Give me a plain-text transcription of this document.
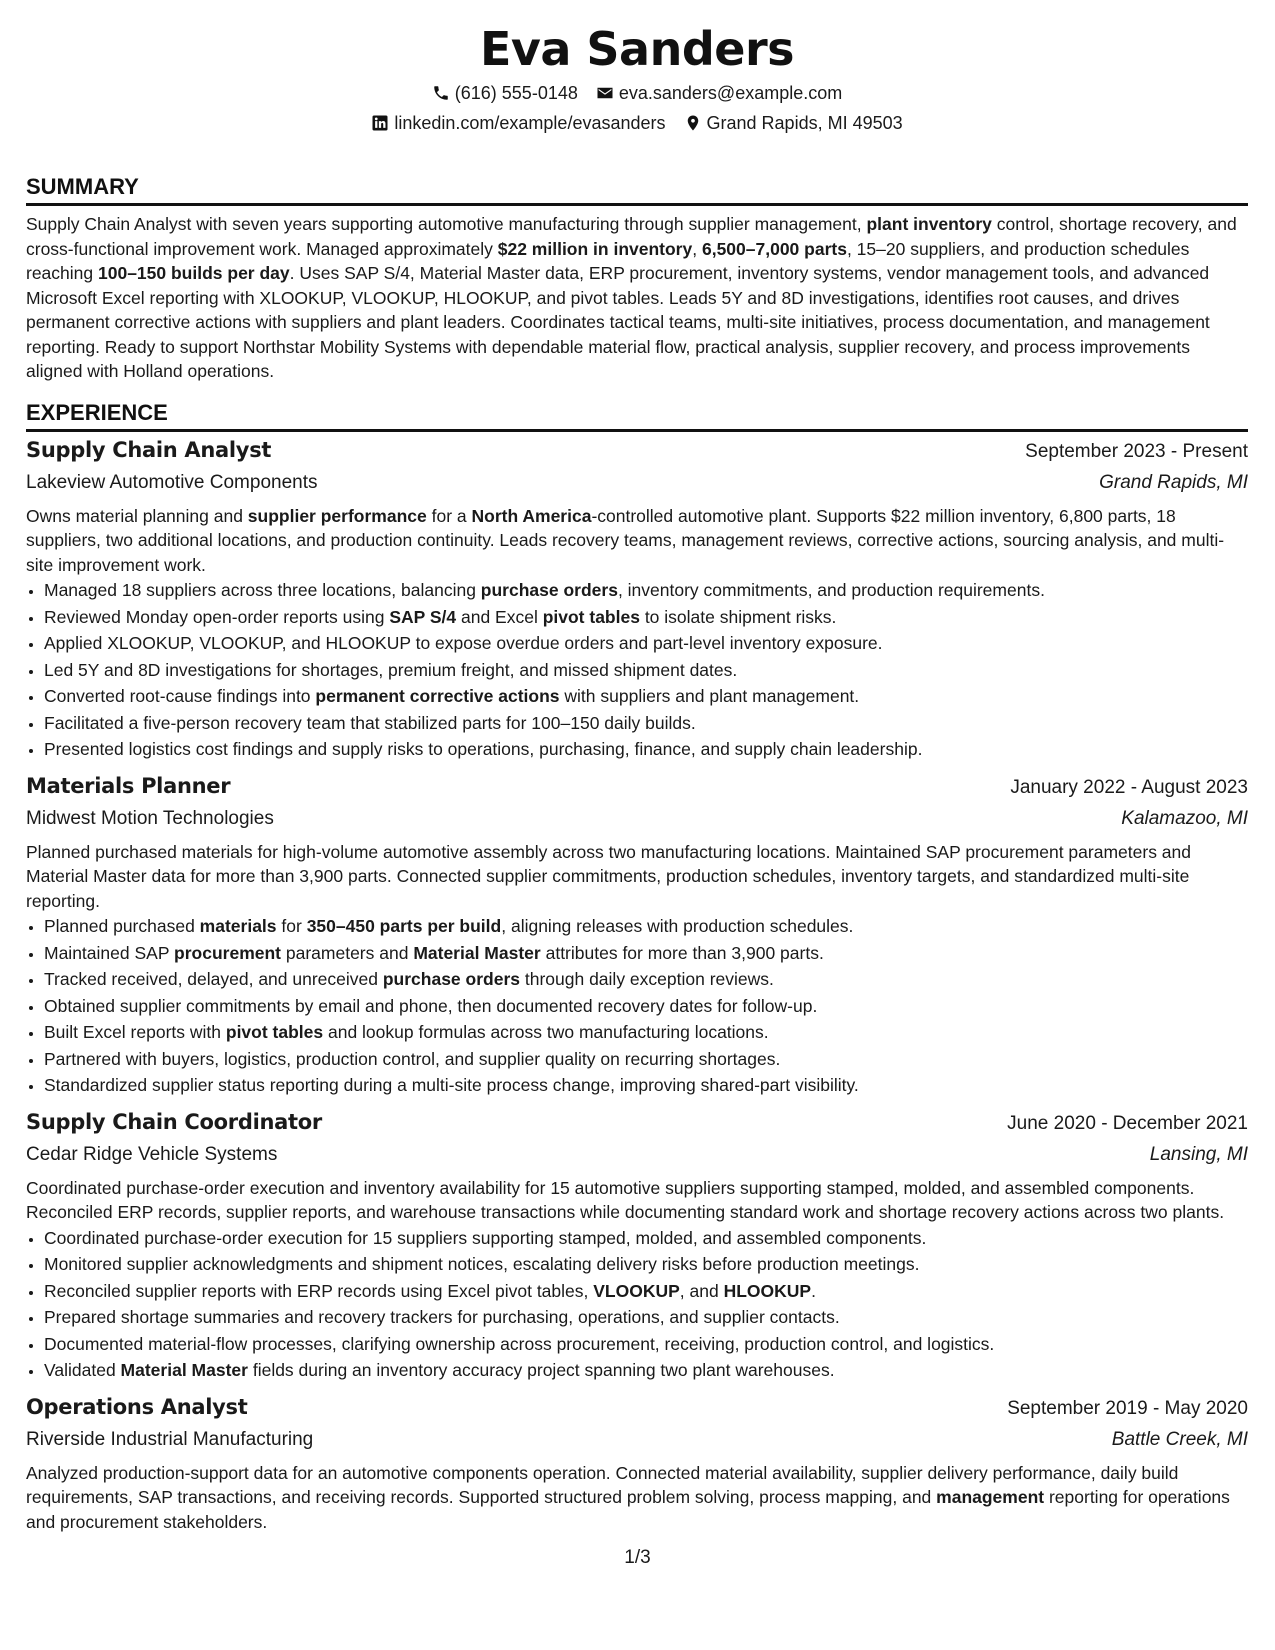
Eva Sanders
(616) 555-0148 eva.sanders@example.com
linkedin.com/example/evasanders Grand Rapids, MI 49503
SUMMARY

Supply Chain Analyst with seven years supporting automotive manufacturing through supplier management, plant inventory control, shortage recovery, and cross-functional improvement work. Managed approximately $22 million in inventory, 6,500–7,000 parts, 15–20 suppliers, and production schedules reaching 100–150 builds per day. Uses SAP S/4, Material Master data, ERP procurement, inventory systems, vendor management tools, and advanced Microsoft Excel reporting with XLOOKUP, VLOOKUP, HLOOKUP, and pivot tables. Leads 5Y and 8D investigations, identifies root causes, and drives permanent corrective actions with suppliers and plant leaders. Coordinates tactical teams, multi-site initiatives, process documentation, and management reporting. Ready to support Northstar Mobility Systems with dependable material flow, practical analysis, supplier recovery, and process improvements aligned with Holland operations.

EXPERIENCE
Supply Chain Analyst	September 2023 - Present
Lakeview Automotive Components	Grand Rapids, MI

Owns material planning and supplier performance for a North America-controlled automotive plant. Supports $22 million inventory, 6,800 parts, 18 suppliers, two additional locations, and production continuity. Leads recovery teams, management reviews, corrective actions, sourcing analysis, and multi-site improvement work.

• Managed 18 suppliers across three locations, balancing purchase orders, inventory commitments, and production requirements.
• Reviewed Monday open-order reports using SAP S/4 and Excel pivot tables to isolate shipment risks.
• Applied XLOOKUP, VLOOKUP, and HLOOKUP to expose overdue orders and part-level inventory exposure.
• Led 5Y and 8D investigations for shortages, premium freight, and missed shipment dates.
• Converted root-cause findings into permanent corrective actions with suppliers and plant management.
• Facilitated a five-person recovery team that stabilized parts for 100–150 daily builds.
• Presented logistics cost findings and supply risks to operations, purchasing, finance, and supply chain leadership.
Materials Planner	January 2022 - August 2023
Midwest Motion Technologies	Kalamazoo, MI

Planned purchased materials for high-volume automotive assembly across two manufacturing locations. Maintained SAP procurement parameters and Material Master data for more than 3,900 parts. Connected supplier commitments, production schedules, inventory targets, and standardized multi-site reporting.

• Planned purchased materials for 350–450 parts per build, aligning releases with production schedules.
• Maintained SAP procurement parameters and Material Master attributes for more than 3,900 parts.
• Tracked received, delayed, and unreceived purchase orders through daily exception reviews.
• Obtained supplier commitments by email and phone, then documented recovery dates for follow-up.
• Built Excel reports with pivot tables and lookup formulas across two manufacturing locations.
• Partnered with buyers, logistics, production control, and supplier quality on recurring shortages.
• Standardized supplier status reporting during a multi-site process change, improving shared-part visibility.
Supply Chain Coordinator	June 2020 - December 2021
Cedar Ridge Vehicle Systems	Lansing, MI

Coordinated purchase-order execution and inventory availability for 15 automotive suppliers supporting stamped, molded, and assembled components. Reconciled ERP records, supplier reports, and warehouse transactions while documenting standard work and shortage recovery actions across two plants.

• Coordinated purchase-order execution for 15 suppliers supporting stamped, molded, and assembled components.
• Monitored supplier acknowledgments and shipment notices, escalating delivery risks before production meetings.
• Reconciled supplier reports with ERP records using Excel pivot tables, VLOOKUP, and HLOOKUP.
• Prepared shortage summaries and recovery trackers for purchasing, operations, and supplier contacts.
• Documented material-flow processes, clarifying ownership across procurement, receiving, production control, and logistics.
• Validated Material Master fields during an inventory accuracy project spanning two plant warehouses.
Operations Analyst	September 2019 - May 2020
Riverside Industrial Manufacturing	Battle Creek, MI

Analyzed production-support data for an automotive components operation. Connected material availability, supplier delivery performance, daily build requirements, SAP transactions, and receiving records. Supported structured problem solving, process mapping, and management reporting for operations and procurement stakeholders.

1/3
